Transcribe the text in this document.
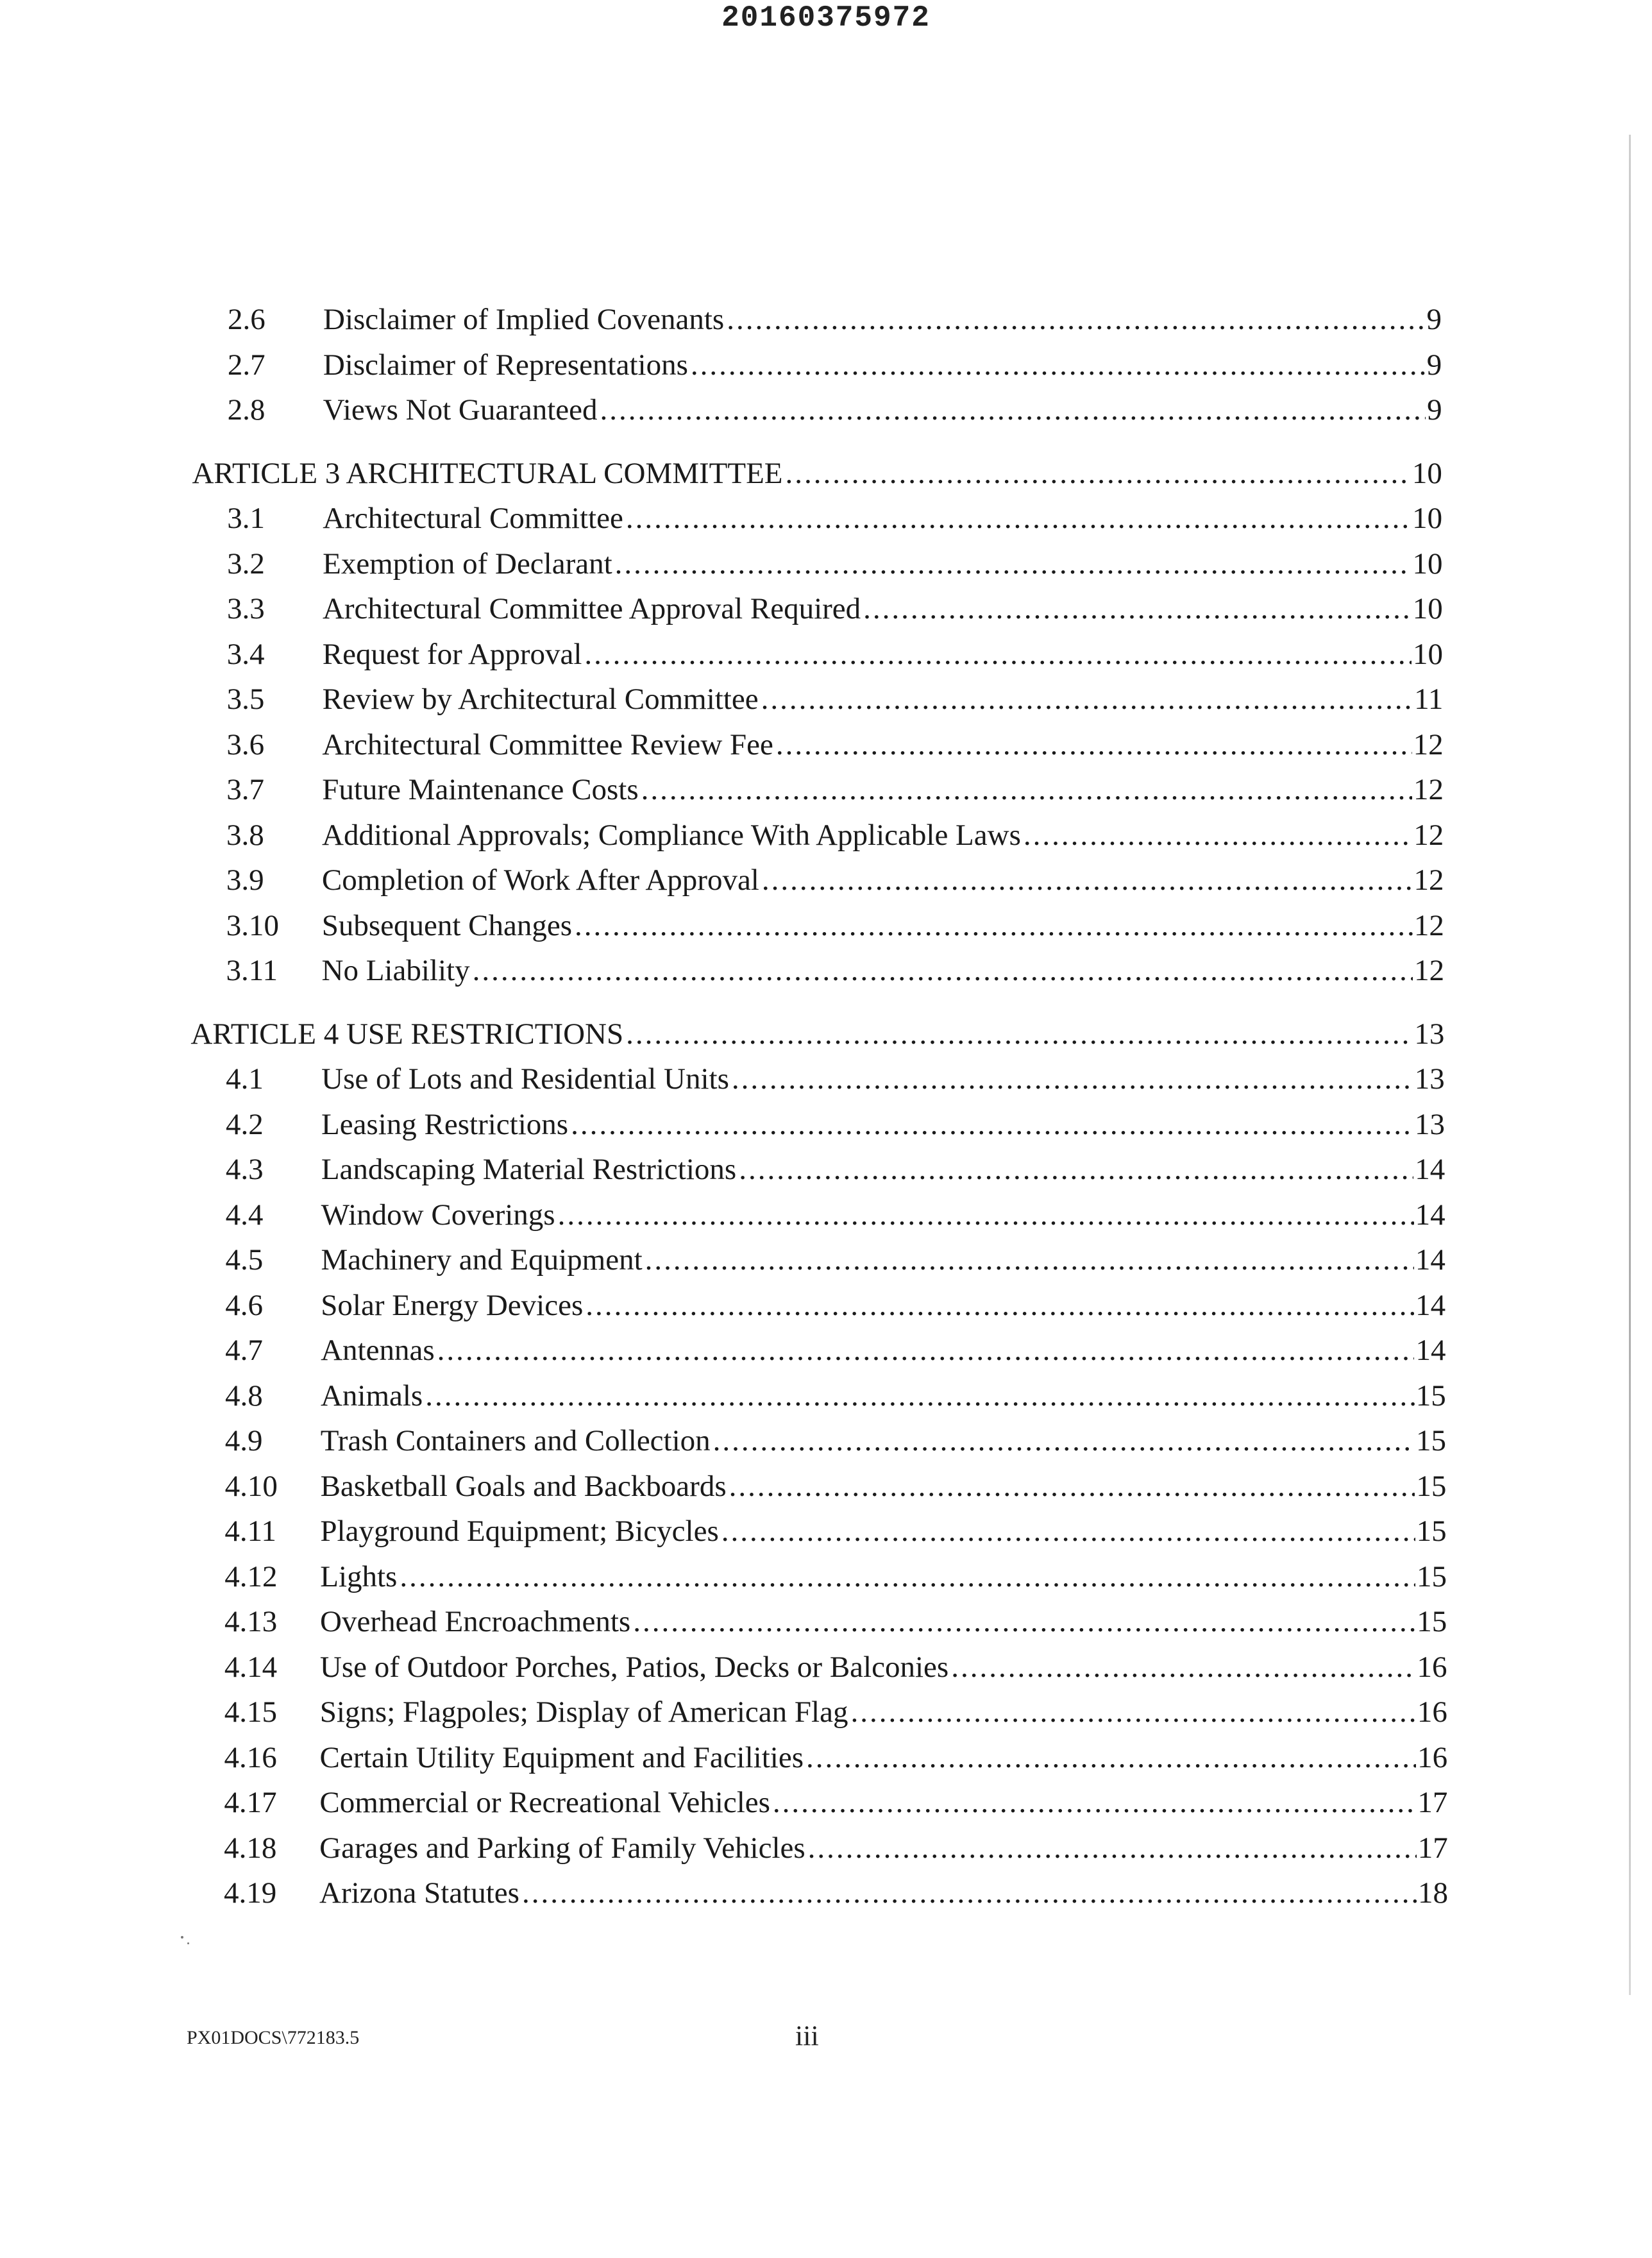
20160375972
2.6	Disclaimer of Implied Covenants .....	9
2.7	Disclaimer of Representations .....	9
2.8	Views Not Guaranteed .....	9
ARTICLE 3 ARCHITECTURAL COMMITTEE .....	10
3.1	Architectural Committee .....	10
3.2	Exemption of Declarant .....	10
3.3	Architectural Committee Approval Required .....	10
3.4	Request for Approval .....	10
3.5	Review by Architectural Committee .....	11
3.6	Architectural Committee Review Fee .....	12
3.7	Future Maintenance Costs .....	12
3.8	Additional Approvals; Compliance With Applicable Laws .....	12
3.9	Completion of Work After Approval .....	12
3.10	Subsequent Changes .....	12
3.11	No Liability .....	12
ARTICLE 4 USE RESTRICTIONS .....	13
4.1	Use of Lots and Residential Units .....	13
4.2	Leasing Restrictions .....	13
4.3	Landscaping Material Restrictions .....	14
4.4	Window Coverings .....	14
4.5	Machinery and Equipment .....	14
4.6	Solar Energy Devices .....	14
4.7	Antennas .....	14
4.8	Animals .....	15
4.9	Trash Containers and Collection .....	15
4.10	Basketball Goals and Backboards .....	15
4.11	Playground Equipment; Bicycles .....	15
4.12	Lights .....	15
4.13	Overhead Encroachments .....	15
4.14	Use of Outdoor Porches, Patios, Decks or Balconies .....	16
4.15	Signs; Flagpoles; Display of American Flag .....	16
4.16	Certain Utility Equipment and Facilities .....	16
4.17	Commercial or Recreational Vehicles .....	17
4.18	Garages and Parking of Family Vehicles .....	17
4.19	Arizona Statutes .....	18
PX01DOCS\772183.5	iii
